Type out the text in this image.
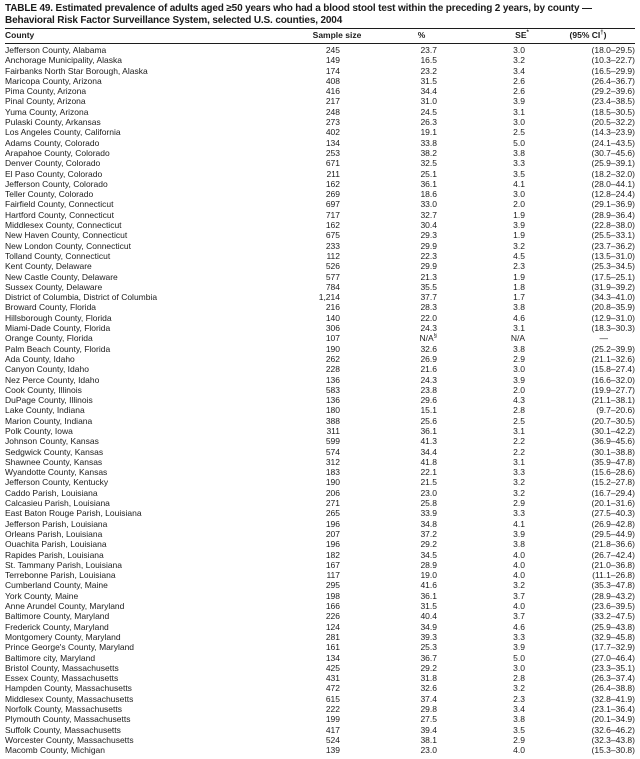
TABLE 49. Estimated prevalence of adults aged ≥50 years who had a blood stool test within the preceding 2 years, by county —
Behavioral Risk Factor Surveillance System, selected U.S. counties, 2004
County	Sample size	%	SE*	(95% CI†)
Jefferson County, Alabama	245	23.7	3.0	(18.0–29.5)
Anchorage Municipality, Alaska	149	16.5	3.2	(10.3–22.7)
Fairbanks North Star Borough, Alaska	174	23.2	3.4	(16.5–29.9)
Maricopa County, Arizona	408	31.5	2.6	(26.4–36.7)
Pima County, Arizona	416	34.4	2.6	(29.2–39.6)
Pinal County, Arizona	217	31.0	3.9	(23.4–38.5)
Yuma County, Arizona	248	24.5	3.1	(18.5–30.5)
Pulaski County, Arkansas	273	26.3	3.0	(20.5–32.2)
Los Angeles County, California	402	19.1	2.5	(14.3–23.9)
Adams County, Colorado	134	33.8	5.0	(24.1–43.5)
Arapahoe County, Colorado	253	38.2	3.8	(30.7–45.6)
Denver County, Colorado	671	32.5	3.3	(25.9–39.1)
El Paso County, Colorado	211	25.1	3.5	(18.2–32.0)
Jefferson County, Colorado	162	36.1	4.1	(28.0–44.1)
Teller County, Colorado	269	18.6	3.0	(12.8–24.4)
Fairfield County, Connecticut	697	33.0	2.0	(29.1–36.9)
Hartford County, Connecticut	717	32.7	1.9	(28.9–36.4)
Middlesex County, Connecticut	162	30.4	3.9	(22.8–38.0)
New Haven County, Connecticut	675	29.3	1.9	(25.5–33.1)
New London County, Connecticut	233	29.9	3.2	(23.7–36.2)
Tolland County, Connecticut	112	22.3	4.5	(13.5–31.0)
Kent County, Delaware	526	29.9	2.3	(25.3–34.5)
New Castle County, Delaware	577	21.3	1.9	(17.5–25.1)
Sussex County, Delaware	784	35.5	1.8	(31.9–39.2)
District of Columbia, District of Columbia	1,214	37.7	1.7	(34.3–41.0)
Broward County, Florida	216	28.3	3.8	(20.8–35.9)
Hillsborough County, Florida	140	22.0	4.6	(12.9–31.0)
Miami-Dade County, Florida	306	24.3	3.1	(18.3–30.3)
Orange County, Florida	107	N/A§	N/A	—
Palm Beach County, Florida	190	32.6	3.8	(25.2–39.9)
Ada County, Idaho	262	26.9	2.9	(21.1–32.6)
Canyon County, Idaho	228	21.6	3.0	(15.8–27.4)
Nez Perce County, Idaho	136	24.3	3.9	(16.6–32.0)
Cook County, Illinois	583	23.8	2.0	(19.9–27.7)
DuPage County, Illinois	136	29.6	4.3	(21.1–38.1)
Lake County, Indiana	180	15.1	2.8	(9.7–20.6)
Marion County, Indiana	388	25.6	2.5	(20.7–30.5)
Polk County, Iowa	311	36.1	3.1	(30.1–42.2)
Johnson County, Kansas	599	41.3	2.2	(36.9–45.6)
Sedgwick County, Kansas	574	34.4	2.2	(30.1–38.8)
Shawnee County, Kansas	312	41.8	3.1	(35.9–47.8)
Wyandotte County, Kansas	183	22.1	3.3	(15.6–28.6)
Jefferson County, Kentucky	190	21.5	3.2	(15.2–27.8)
Caddo Parish, Louisiana	206	23.0	3.2	(16.7–29.4)
Calcasieu Parish, Louisiana	271	25.8	2.9	(20.1–31.6)
East Baton Rouge Parish, Louisiana	265	33.9	3.3	(27.5–40.3)
Jefferson Parish, Louisiana	196	34.8	4.1	(26.9–42.8)
Orleans Parish, Louisiana	207	37.2	3.9	(29.5–44.9)
Ouachita Parish, Louisiana	196	29.2	3.8	(21.8–36.6)
Rapides Parish, Louisiana	182	34.5	4.0	(26.7–42.4)
St. Tammany Parish, Louisiana	167	28.9	4.0	(21.0–36.8)
Terrebonne Parish, Louisiana	117	19.0	4.0	(11.1–26.8)
Cumberland County, Maine	295	41.6	3.2	(35.3–47.8)
York County, Maine	198	36.1	3.7	(28.9–43.2)
Anne Arundel County, Maryland	166	31.5	4.0	(23.6–39.5)
Baltimore County, Maryland	226	40.4	3.7	(33.2–47.5)
Frederick County, Maryland	124	34.9	4.6	(25.9–43.8)
Montgomery County, Maryland	281	39.3	3.3	(32.9–45.8)
Prince George's County, Maryland	161	25.3	3.9	(17.7–32.9)
Baltimore city, Maryland	134	36.7	5.0	(27.0–46.4)
Bristol County, Massachusetts	425	29.2	3.0	(23.3–35.1)
Essex County, Massachusetts	431	31.8	2.8	(26.3–37.4)
Hampden County, Massachusetts	472	32.6	3.2	(26.4–38.8)
Middlesex County, Massachusetts	615	37.4	2.3	(32.8–41.9)
Norfolk County, Massachusetts	222	29.8	3.4	(23.1–36.4)
Plymouth County, Massachusetts	199	27.5	3.8	(20.1–34.9)
Suffolk County, Massachusetts	417	39.4	3.5	(32.6–46.2)
Worcester County, Massachusetts	524	38.1	2.9	(32.3–43.8)
Macomb County, Michigan	139	23.0	4.0	(15.3–30.8)
